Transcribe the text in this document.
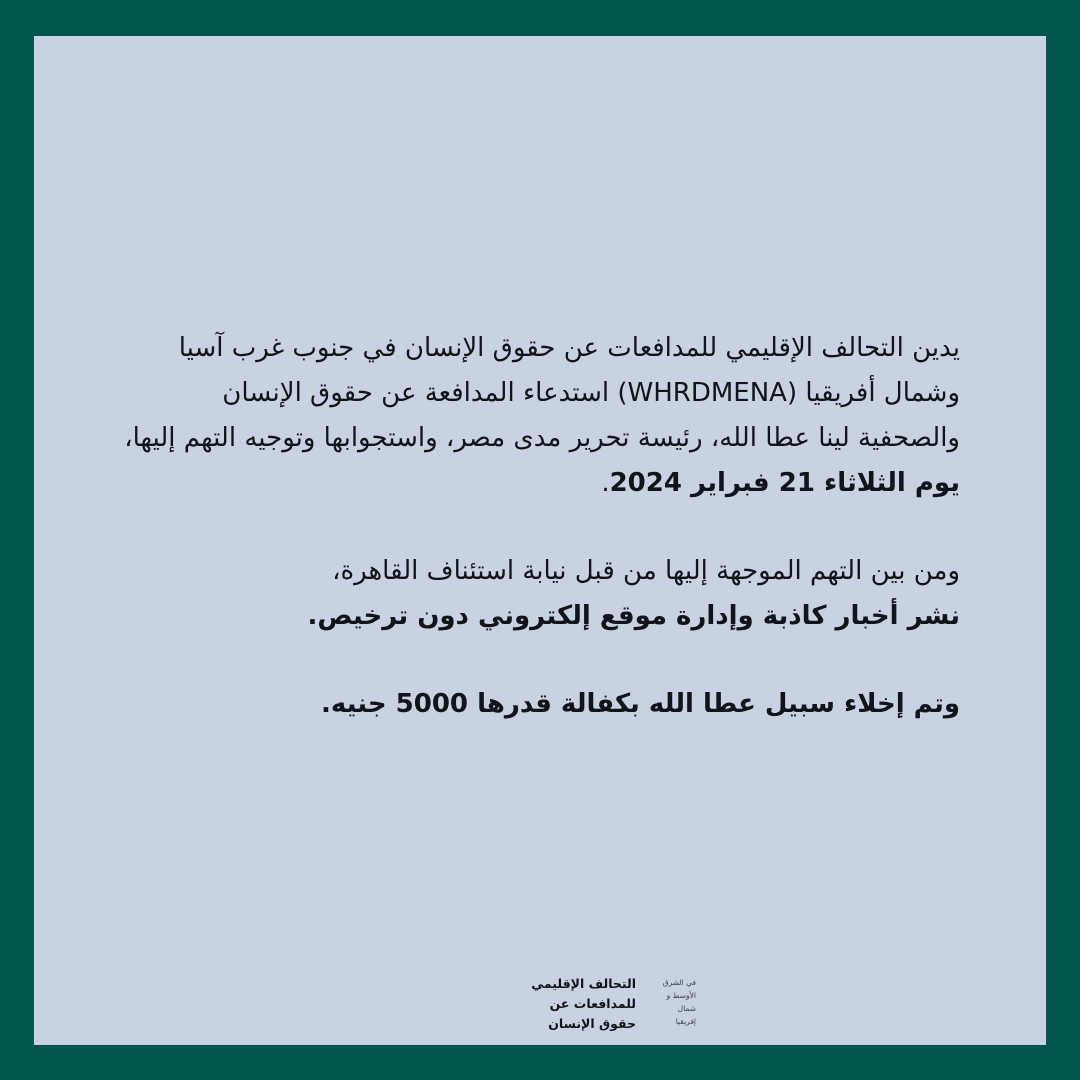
يدين التحالف الإقليمي للمدافعات عن حقوق الإنسان في جنوب غرب آسيا وشمال أفريقيا (WHRDMENA) استدعاء المدافعة عن حقوق الإنسان والصحفية لينا عطا الله، رئيسة تحرير مدى مصر، واستجوابها وتوجيه التهم إليها، يوم الثلاثاء 21 فبراير 2024.

ومن بين التهم الموجهة إليها من قبل نيابة استئناف القاهرة،
نشر أخبار كاذبة وإدارة موقع إلكتروني دون ترخيص.

وتم إخلاء سبيل عطا الله بكفالة قدرها 5000 جنيه.

التحالف الإقليمي
للمدافعات عن
حقوق الإنسان
في الشرق
الأوسط و
شمال
إفريقيا
